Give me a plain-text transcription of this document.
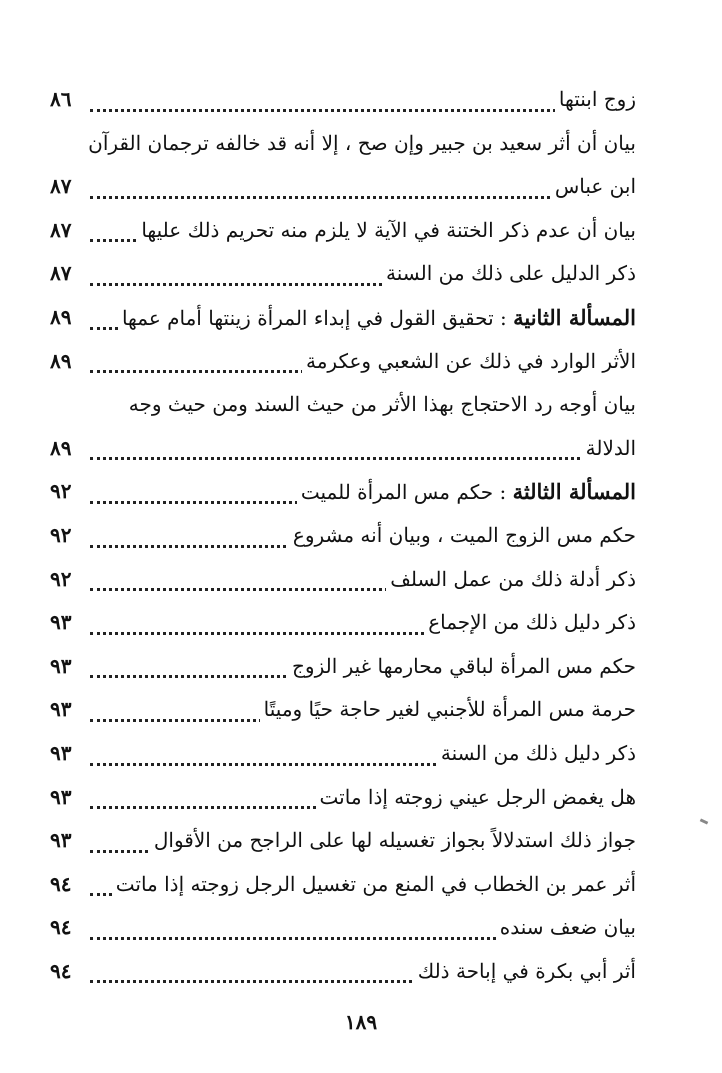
زوج ابنتها
٨٦
بيان أن أثر سعيد بن جبير وإن صح ، إلا أنه قد خالفه ترجمان القرآن
ابن عباس
٨٧
بيان أن عدم ذكر الختنة في الآية لا يلزم منه تحريم ذلك عليها
٨٧
ذكر الدليل على ذلك من السنة
٨٧
المسألة الثانية : تحقيق القول في إبداء المرأة زينتها أمام عمها
٨٩
الأثر الوارد في ذلك عن الشعبي وعكرمة
٨٩
بيان أوجه رد الاحتجاج بهذا الأثر من حيث السند ومن حيث وجه
الدلالة
٨٩
المسألة الثالثة : حكم مس المرأة للميت
٩٢
حكم مس الزوج الميت ، وبيان أنه مشروع
٩٢
ذكر أدلة ذلك من عمل السلف
٩٢
ذكر دليل ذلك من الإجماع
٩٣
حكم مس المرأة لباقي محارمها غير الزوج
٩٣
حرمة مس المرأة للأجنبي لغير حاجة حيًا وميتًا
٩٣
ذكر دليل ذلك من السنة
٩٣
هل يغمض الرجل عيني زوجته إذا ماتت
٩٣
جواز ذلك استدلالاً بجواز تغسيله لها على الراجح من الأقوال
٩٣
أثر عمر بن الخطاب في المنع من تغسيل الرجل زوجته إذا ماتت
٩٤
بيان ضعف سنده
٩٤
أثر أبي بكرة في إباحة ذلك
٩٤
١٨٩
